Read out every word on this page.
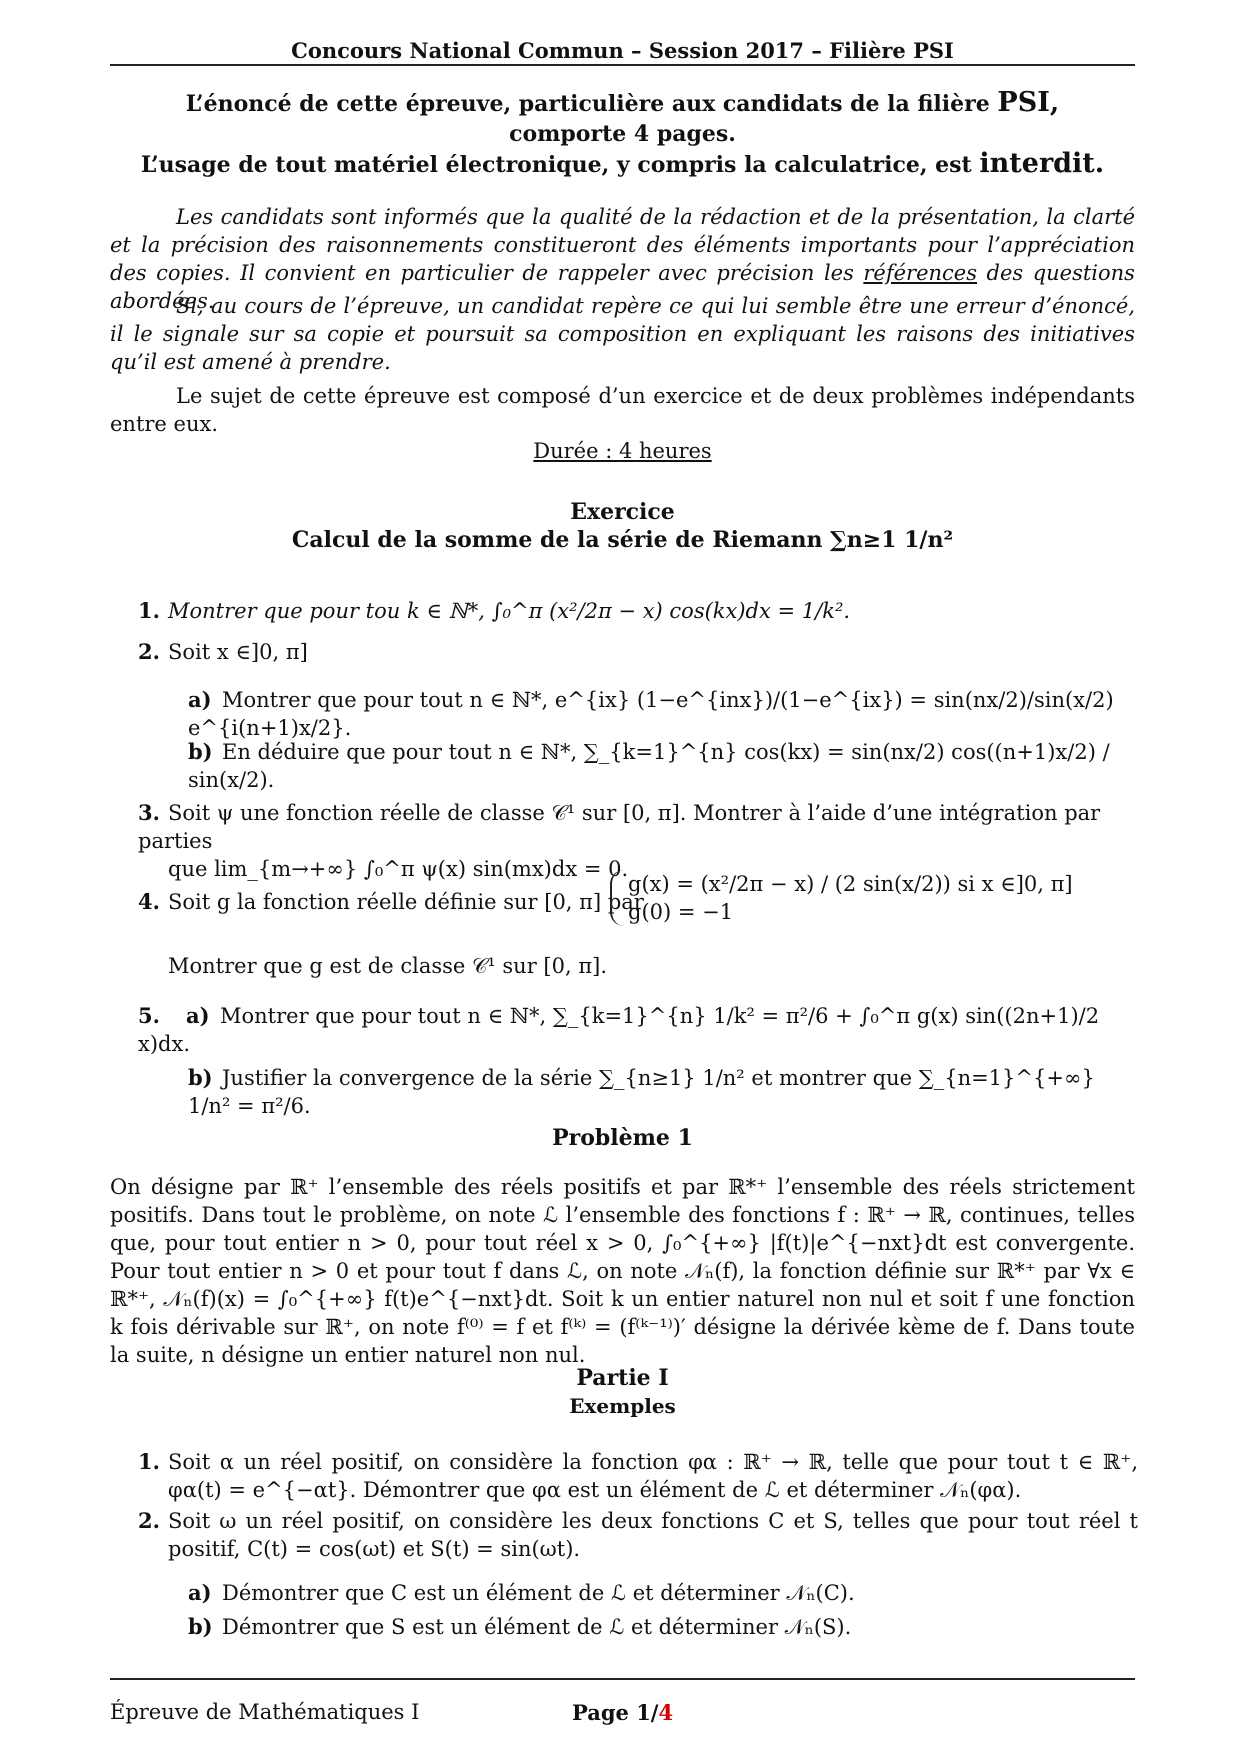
Concours National Commun – Session 2017 – Filière PSI
L’énoncé de cette épreuve, particulière aux candidats de la filière PSI,
comporte 4 pages.
L’usage de tout matériel électronique, y compris la calculatrice, est interdit.
Les candidats sont informés que la qualité de la rédaction et de la présentation, la clarté et la précision des raisonnements constitueront des éléments importants pour l’appréciation des copies. Il convient en particulier de rappeler avec précision les références des questions abordées.
Si, au cours de l’épreuve, un candidat repère ce qui lui semble être une erreur d’énoncé, il le signale sur sa copie et poursuit sa composition en expliquant les raisons des initiatives qu’il est amené à prendre.
Le sujet de cette épreuve est composé d’un exercice et de deux problèmes indépendants entre eux.
Durée : 4 heures
Exercice
Calcul de la somme de la série de Riemann ∑n≥1 1/n²
1. Montrer que pour tou k ∈ ℕ*, ∫₀^π (x²/2π − x) cos(kx)dx = 1/k².
2. Soit x ∈]0, π]
a) Montrer que pour tout n ∈ ℕ*, e^{ix} (1−e^{inx})/(1−e^{ix}) = sin(nx/2)/sin(x/2) e^{i(n+1)x/2}.
b) En déduire que pour tout n ∈ ℕ*, ∑_{k=1}^{n} cos(kx) = sin(nx/2) cos((n+1)x/2) / sin(x/2).
3. Soit ψ une fonction réelle de classe 𝒞¹ sur [0, π]. Montrer à l’aide d’une intégration par parties
que lim_{m→+∞} ∫₀^π ψ(x) sin(mx)dx = 0.
4. Soit g la fonction réelle définie sur [0, π] par
g(x) = (x²/2π − x) / (2 sin(x/2)) si x ∈]0, π]
g(0) = −1
Montrer que g est de classe 𝒞¹ sur [0, π].
5. a) Montrer que pour tout n ∈ ℕ*, ∑_{k=1}^{n} 1/k² = π²/6 + ∫₀^π g(x) sin((2n+1)/2 x)dx.
b) Justifier la convergence de la série ∑_{n≥1} 1/n² et montrer que ∑_{n=1}^{+∞} 1/n² = π²/6.
Problème 1
On désigne par ℝ⁺ l’ensemble des réels positifs et par ℝ*⁺ l’ensemble des réels strictement positifs. Dans tout le problème, on note ℒ l’ensemble des fonctions f : ℝ⁺ → ℝ, continues, telles que, pour tout entier n > 0, pour tout réel x > 0, ∫₀^{+∞} |f(t)|e^{−nxt}dt est convergente. Pour tout entier n > 0 et pour tout f dans ℒ, on note 𝒩ₙ(f), la fonction définie sur ℝ*⁺ par ∀x ∈ ℝ*⁺, 𝒩ₙ(f)(x) = ∫₀^{+∞} f(t)e^{−nxt}dt. Soit k un entier naturel non nul et soit f une fonction k fois dérivable sur ℝ⁺, on note f⁽⁰⁾ = f et f⁽ᵏ⁾ = (f⁽ᵏ⁻¹⁾)′ désigne la dérivée kème de f. Dans toute la suite, n désigne un entier naturel non nul.
Partie I
Exemples
1. Soit α un réel positif, on considère la fonction φα : ℝ⁺ → ℝ, telle que pour tout t ∈ ℝ⁺, φα(t) = e^{−αt}. Démontrer que φα est un élément de ℒ et déterminer 𝒩ₙ(φα).
2. Soit ω un réel positif, on considère les deux fonctions C et S, telles que pour tout réel t positif, C(t) = cos(ωt) et S(t) = sin(ωt).
a) Démontrer que C est un élément de ℒ et déterminer 𝒩ₙ(C).
b) Démontrer que S est un élément de ℒ et déterminer 𝒩ₙ(S).
Épreuve de Mathématiques I	Page 1/4
